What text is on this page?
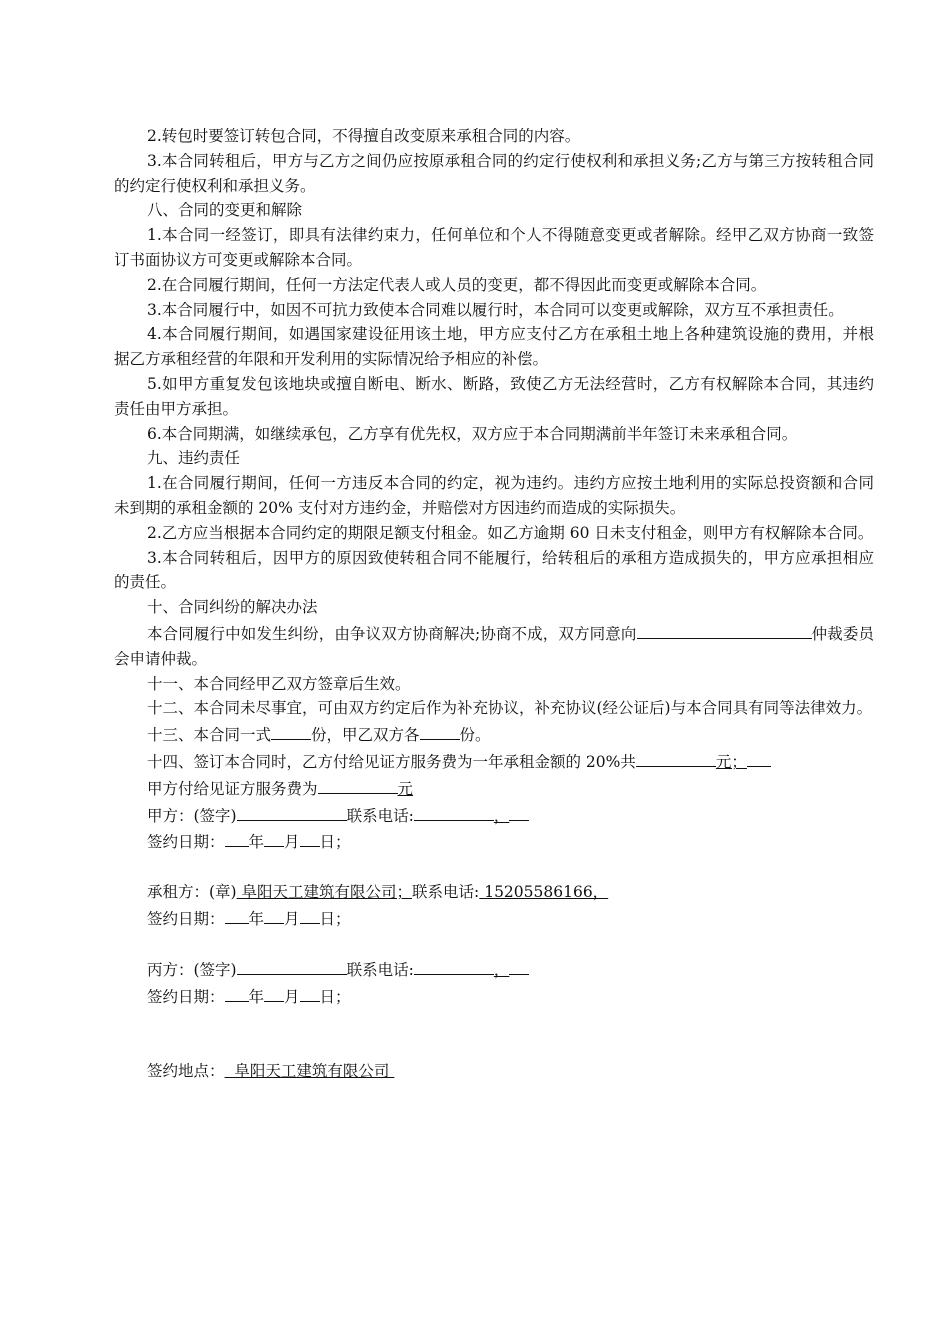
2.转包时要签订转包合同，不得擅自改变原来承租合同的内容。

3.本合同转租后，甲方与乙方之间仍应按原承租合同的约定行使权利和承担义务;乙方与第三方按转租合同的约定行使权利和承担义务。

八、合同的变更和解除

1.本合同一经签订，即具有法律约束力，任何单位和个人不得随意变更或者解除。经甲乙双方协商一致签订书面协议方可变更或解除本合同。

2.在合同履行期间，任何一方法定代表人或人员的变更，都不得因此而变更或解除本合同。

3.本合同履行中，如因不可抗力致使本合同难以履行时，本合同可以变更或解除，双方互不承担责任。

4.本合同履行期间，如遇国家建设征用该土地，甲方应支付乙方在承租土地上各种建筑设施的费用，并根据乙方承租经营的年限和开发利用的实际情况给予相应的补偿。

5.如甲方重复发包该地块或擅自断电、断水、断路，致使乙方无法经营时，乙方有权解除本合同，其违约责任由甲方承担。

6.本合同期满，如继续承包，乙方享有优先权，双方应于本合同期满前半年签订未来承租合同。

九、违约责任

1.在合同履行期间，任何一方违反本合同的约定，视为违约。违约方应按土地利用的实际总投资额和合同未到期的承租金额的 20% 支付对方违约金，并赔偿对方因违约而造成的实际损失。

2.乙方应当根据本合同约定的期限足额支付租金。如乙方逾期 60 日未支付租金，则甲方有权解除本合同。

3.本合同转租后，因甲方的原因致使转租合同不能履行，给转租后的承租方造成损失的，甲方应承担相应的责任。

十、合同纠纷的解决办法

本合同履行中如发生纠纷，由争议双方协商解决;协商不成，双方同意向	仲裁委员会申请仲裁。

十一、本合同经甲乙双方签章后生效。

十二、本合同未尽事宜，可由双方约定后作为补充协议，补充协议(经公证后)与本合同具有同等法律效力。

十三、本合同一式	份，甲乙双方各	份。

十四、签订本合同时，乙方付给见证方服务费为一年承租金额的 20%共	元；

甲方付给见证方服务费为	元

甲方：(签字)	联系电话:	，

签约日期： 年 月 日；

承租方：(章) 阜阳天工建筑有限公司；联系电话: 15205586166，

签约日期： 年 月 日；

丙方：(签字)	联系电话:	，

签约日期： 年 月 日；

签约地点：  阜阳天工建筑有限公司
